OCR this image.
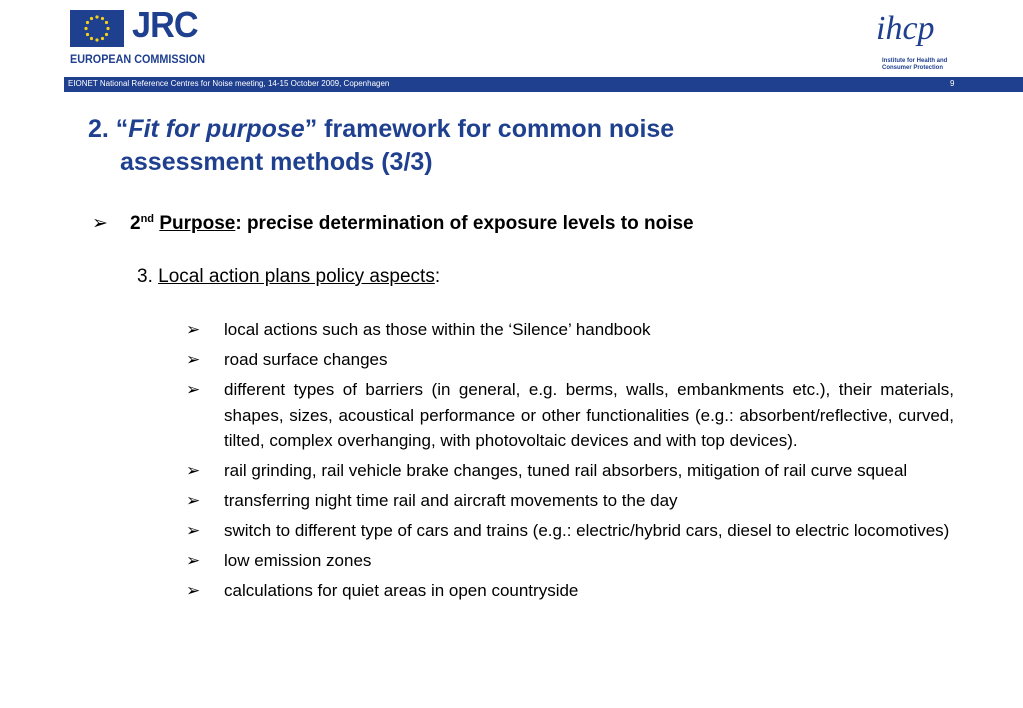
JRC
EUROPEAN COMMISSION
ihcp
Institute for Health and Consumer Protection
EIONET National Reference Centres for Noise meeting, 14-15 October 2009, Copenhagen	9
2. “Fit for purpose” framework for common noise
assessment methods (3/3)
➢ 2nd Purpose: precise determination of exposure levels to noise
3. Local action plans policy aspects:
➢ local actions such as those within the ‘Silence’ handbook
➢ road surface changes
➢ different types of barriers (in general, e.g. berms, walls, embankments etc.), their materials, shapes, sizes, acoustical performance or other functionalities (e.g.: absorbent/reflective, curved, tilted, complex overhanging, with photovoltaic devices and with top devices).
➢ rail grinding, rail vehicle brake changes, tuned rail absorbers, mitigation of rail curve squeal
➢ transferring night time rail and aircraft movements to the day
➢ switch to different type of cars and trains (e.g.: electric/hybrid cars, diesel to electric locomotives)
➢ low emission zones
➢ calculations for quiet areas in open countryside
